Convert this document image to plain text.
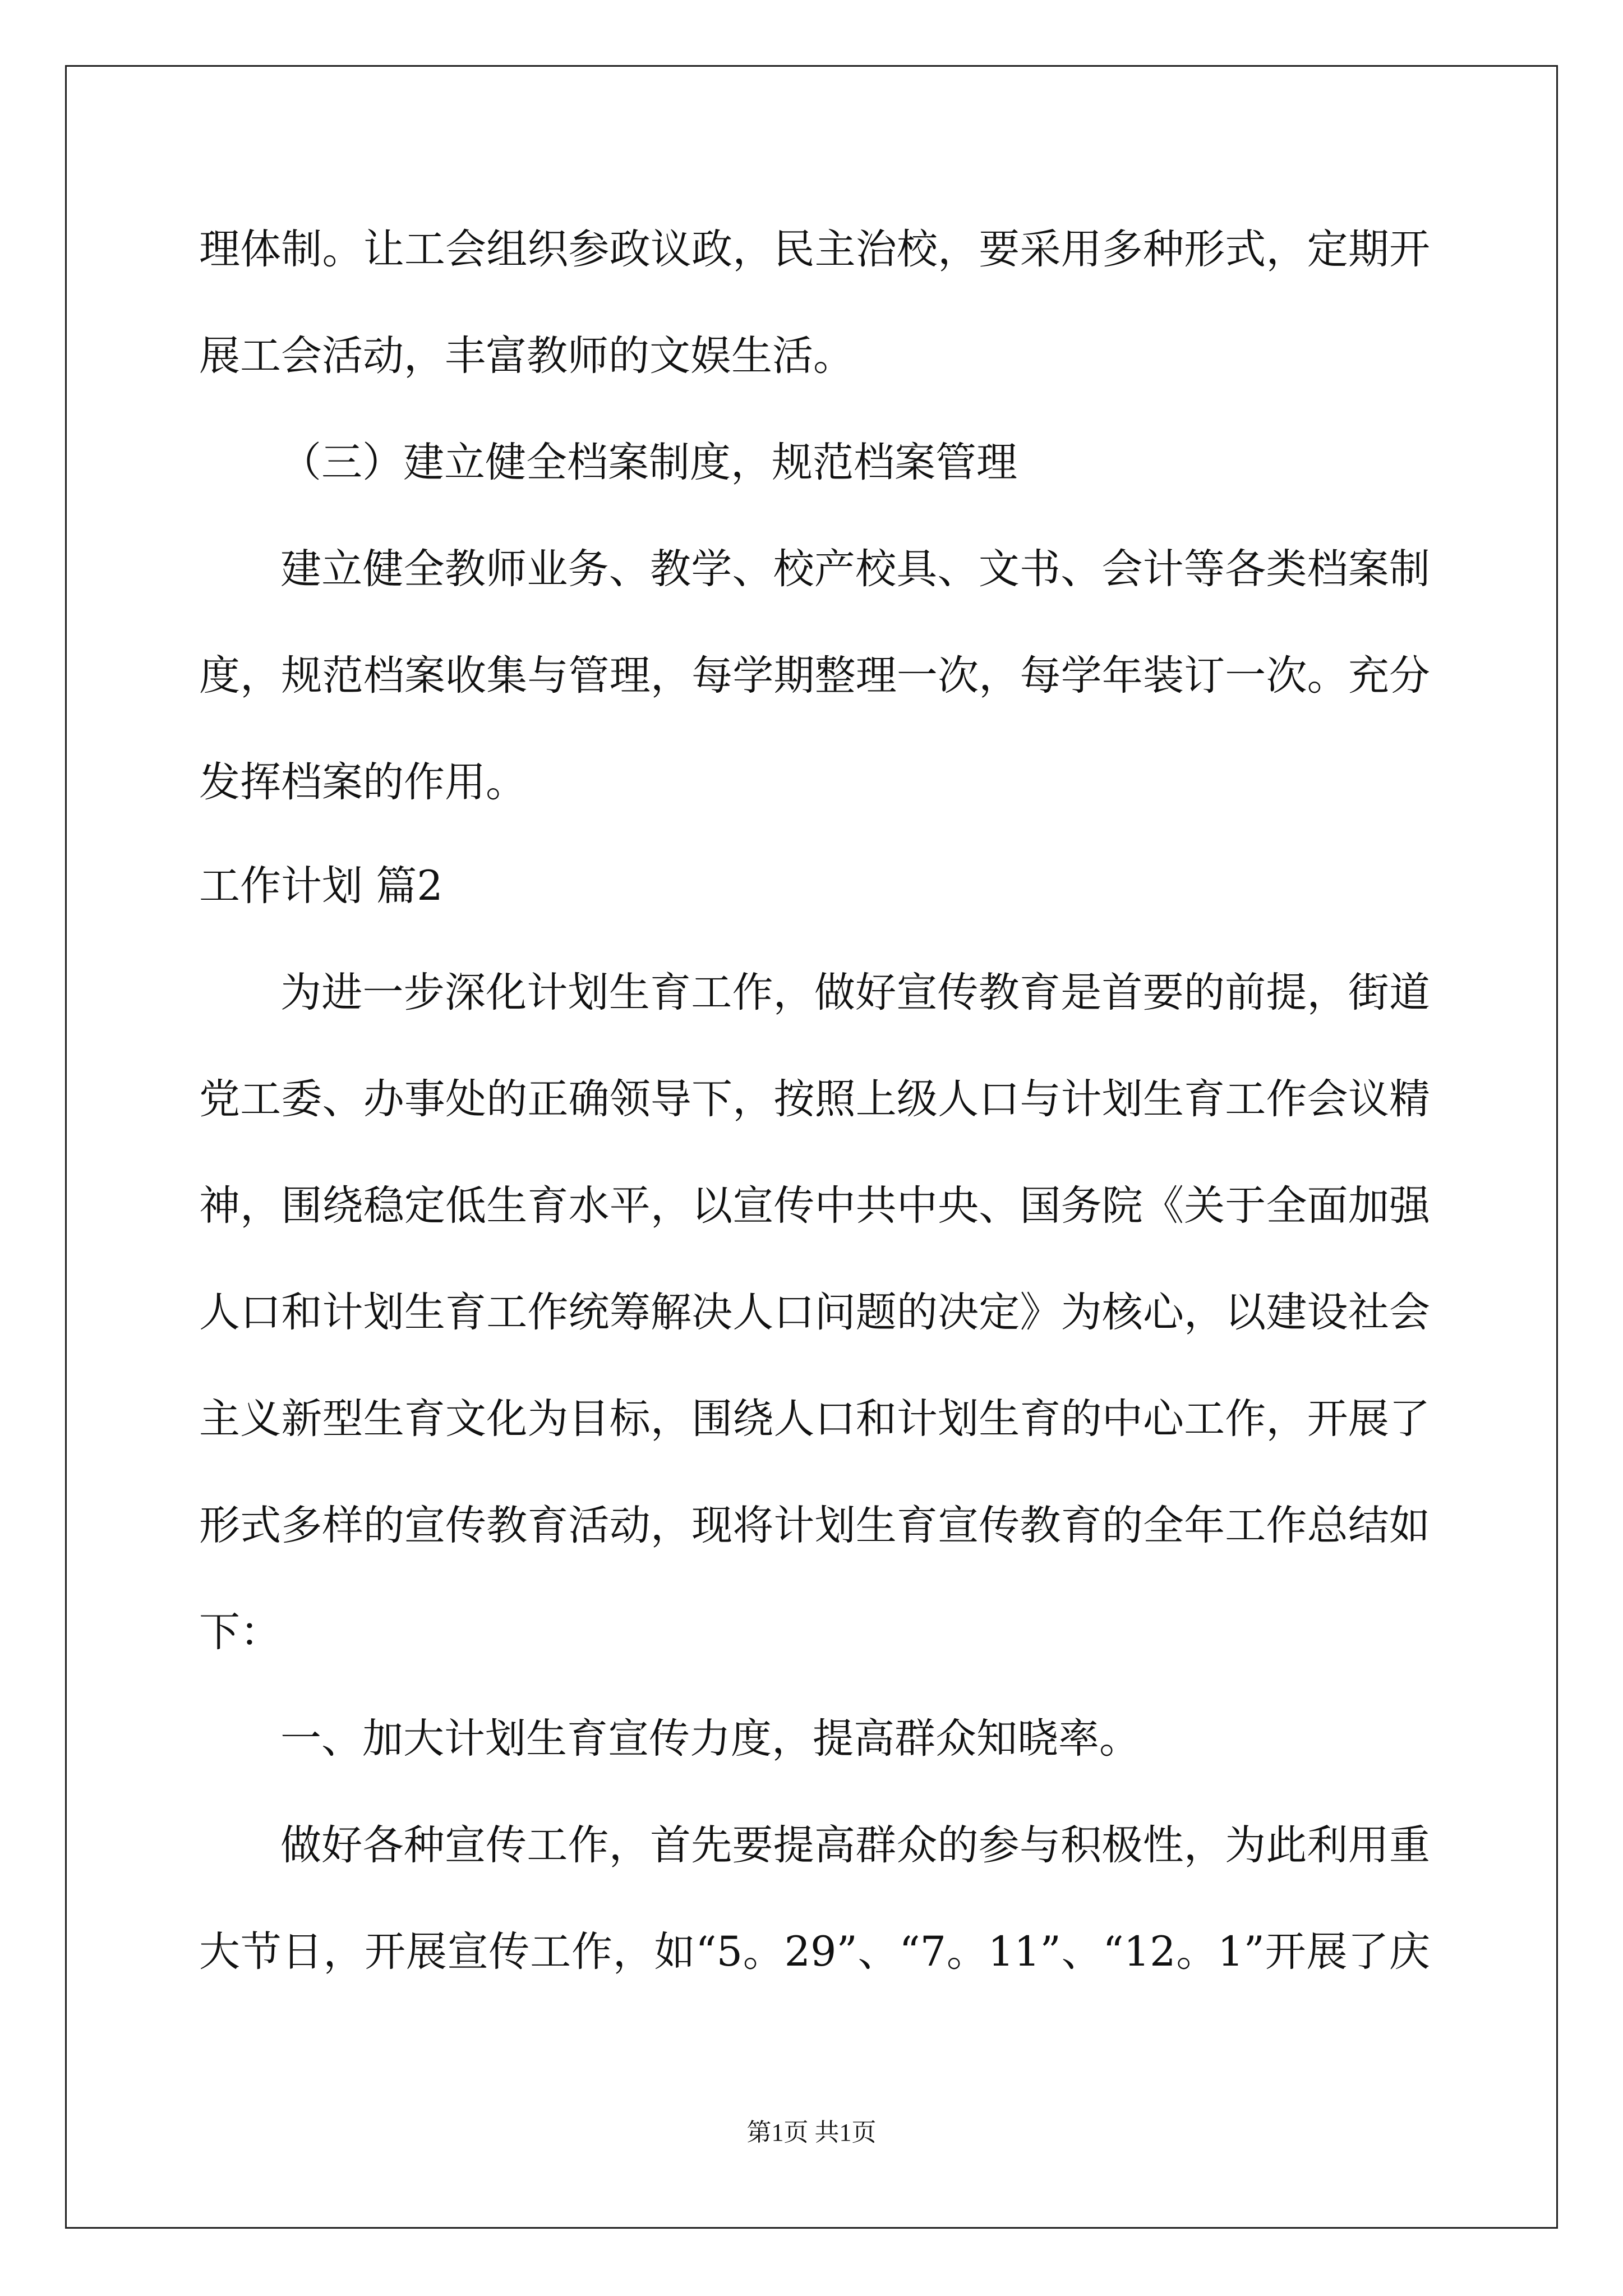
理体制。让工会组织参政议政，民主治校，要采用多种形式，定期开
展工会活动，丰富教师的文娱生活。
（三）建立健全档案制度，规范档案管理
建立健全教师业务、教学、校产校具、文书、会计等各类档案制
度，规范档案收集与管理，每学期整理一次，每学年装订一次。充分
发挥档案的作用。
工作计划 篇2
为进一步深化计划生育工作，做好宣传教育是首要的前提，街道
党工委、办事处的正确领导下，按照上级人口与计划生育工作会议精
神，围绕稳定低生育水平，以宣传中共中央、国务院《关于全面加强
人口和计划生育工作统筹解决人口问题的决定》为核心，以建设社会
主义新型生育文化为目标，围绕人口和计划生育的中心工作，开展了
形式多样的宣传教育活动，现将计划生育宣传教育的全年工作总结如
下：
一、加大计划生育宣传力度，提高群众知晓率。
做好各种宣传工作，首先要提高群众的参与积极性，为此利用重
大节日，开展宣传工作，如“5。29”、“7。11”、“12。1”开展了庆
第1页 共1页
